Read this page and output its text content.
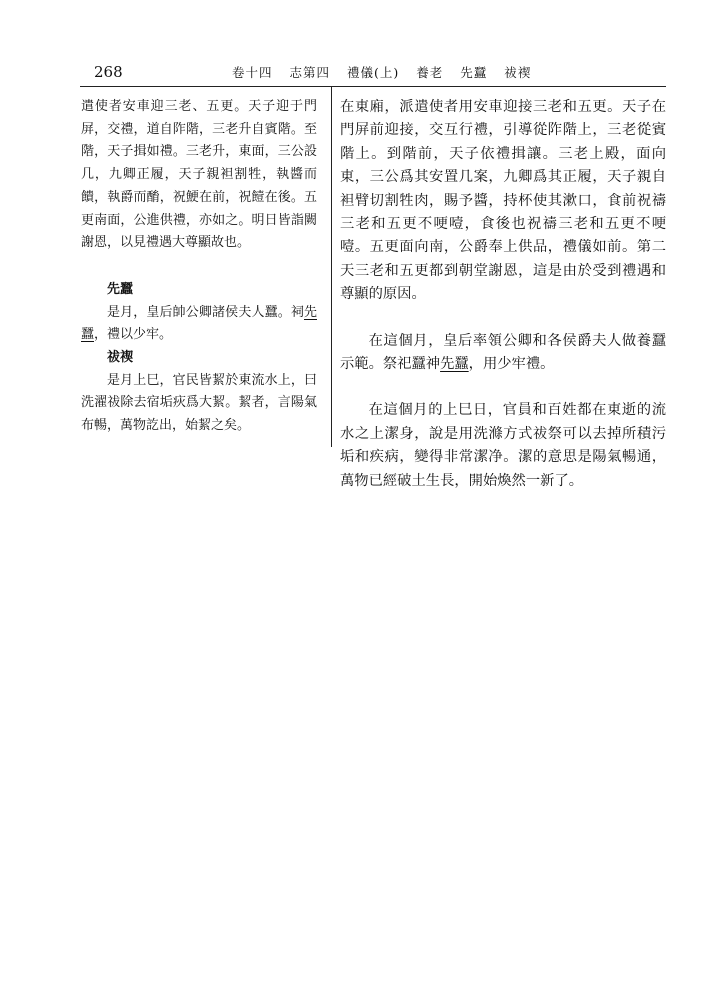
268	卷十四 志第四 禮儀(上) 養老 先蠶 祓禊

遣使者安車迎三老、五更。天子迎于門屏，交禮，道自阼階，三老升自賓階。至階，天子揖如禮。三老升，東面，三公設几，九卿正履，天子親袒割牲，執醬而饋，執爵而酳，祝鯁在前，祝饐在後。五更南面，公進供禮，亦如之。明日皆詣闕謝恩，以見禮遇大尊顯故也。

先蠶

是月，皇后帥公卿諸侯夫人蠶。祠先蠶，禮以少牢。

祓禊

是月上巳，官民皆絜於東流水上，曰洗濯祓除去宿垢疢爲大絜。絜者，言陽氣布暢，萬物訖出，始絜之矣。

在東廂，派遣使者用安車迎接三老和五更。天子在門屏前迎接，交互行禮，引導從阼階上，三老從賓階上。到階前，天子依禮揖讓。三老上殿，面向東，三公爲其安置几案，九卿爲其正履，天子親自袒臂切割牲肉，賜予醬，持杯使其漱口，食前祝禱三老和五更不哽噎，食後也祝禱三老和五更不哽噎。五更面向南，公爵奉上供品，禮儀如前。第二天三老和五更都到朝堂謝恩，這是由於受到禮遇和尊顯的原因。

在這個月，皇后率領公卿和各侯爵夫人做養蠶示範。祭祀蠶神先蠶，用少牢禮。

在這個月的上巳日，官員和百姓都在東逝的流水之上潔身，說是用洗滌方式祓祭可以去掉所積污垢和疾病，變得非常潔净。潔的意思是陽氣暢通，萬物已經破土生長，開始煥然一新了。
